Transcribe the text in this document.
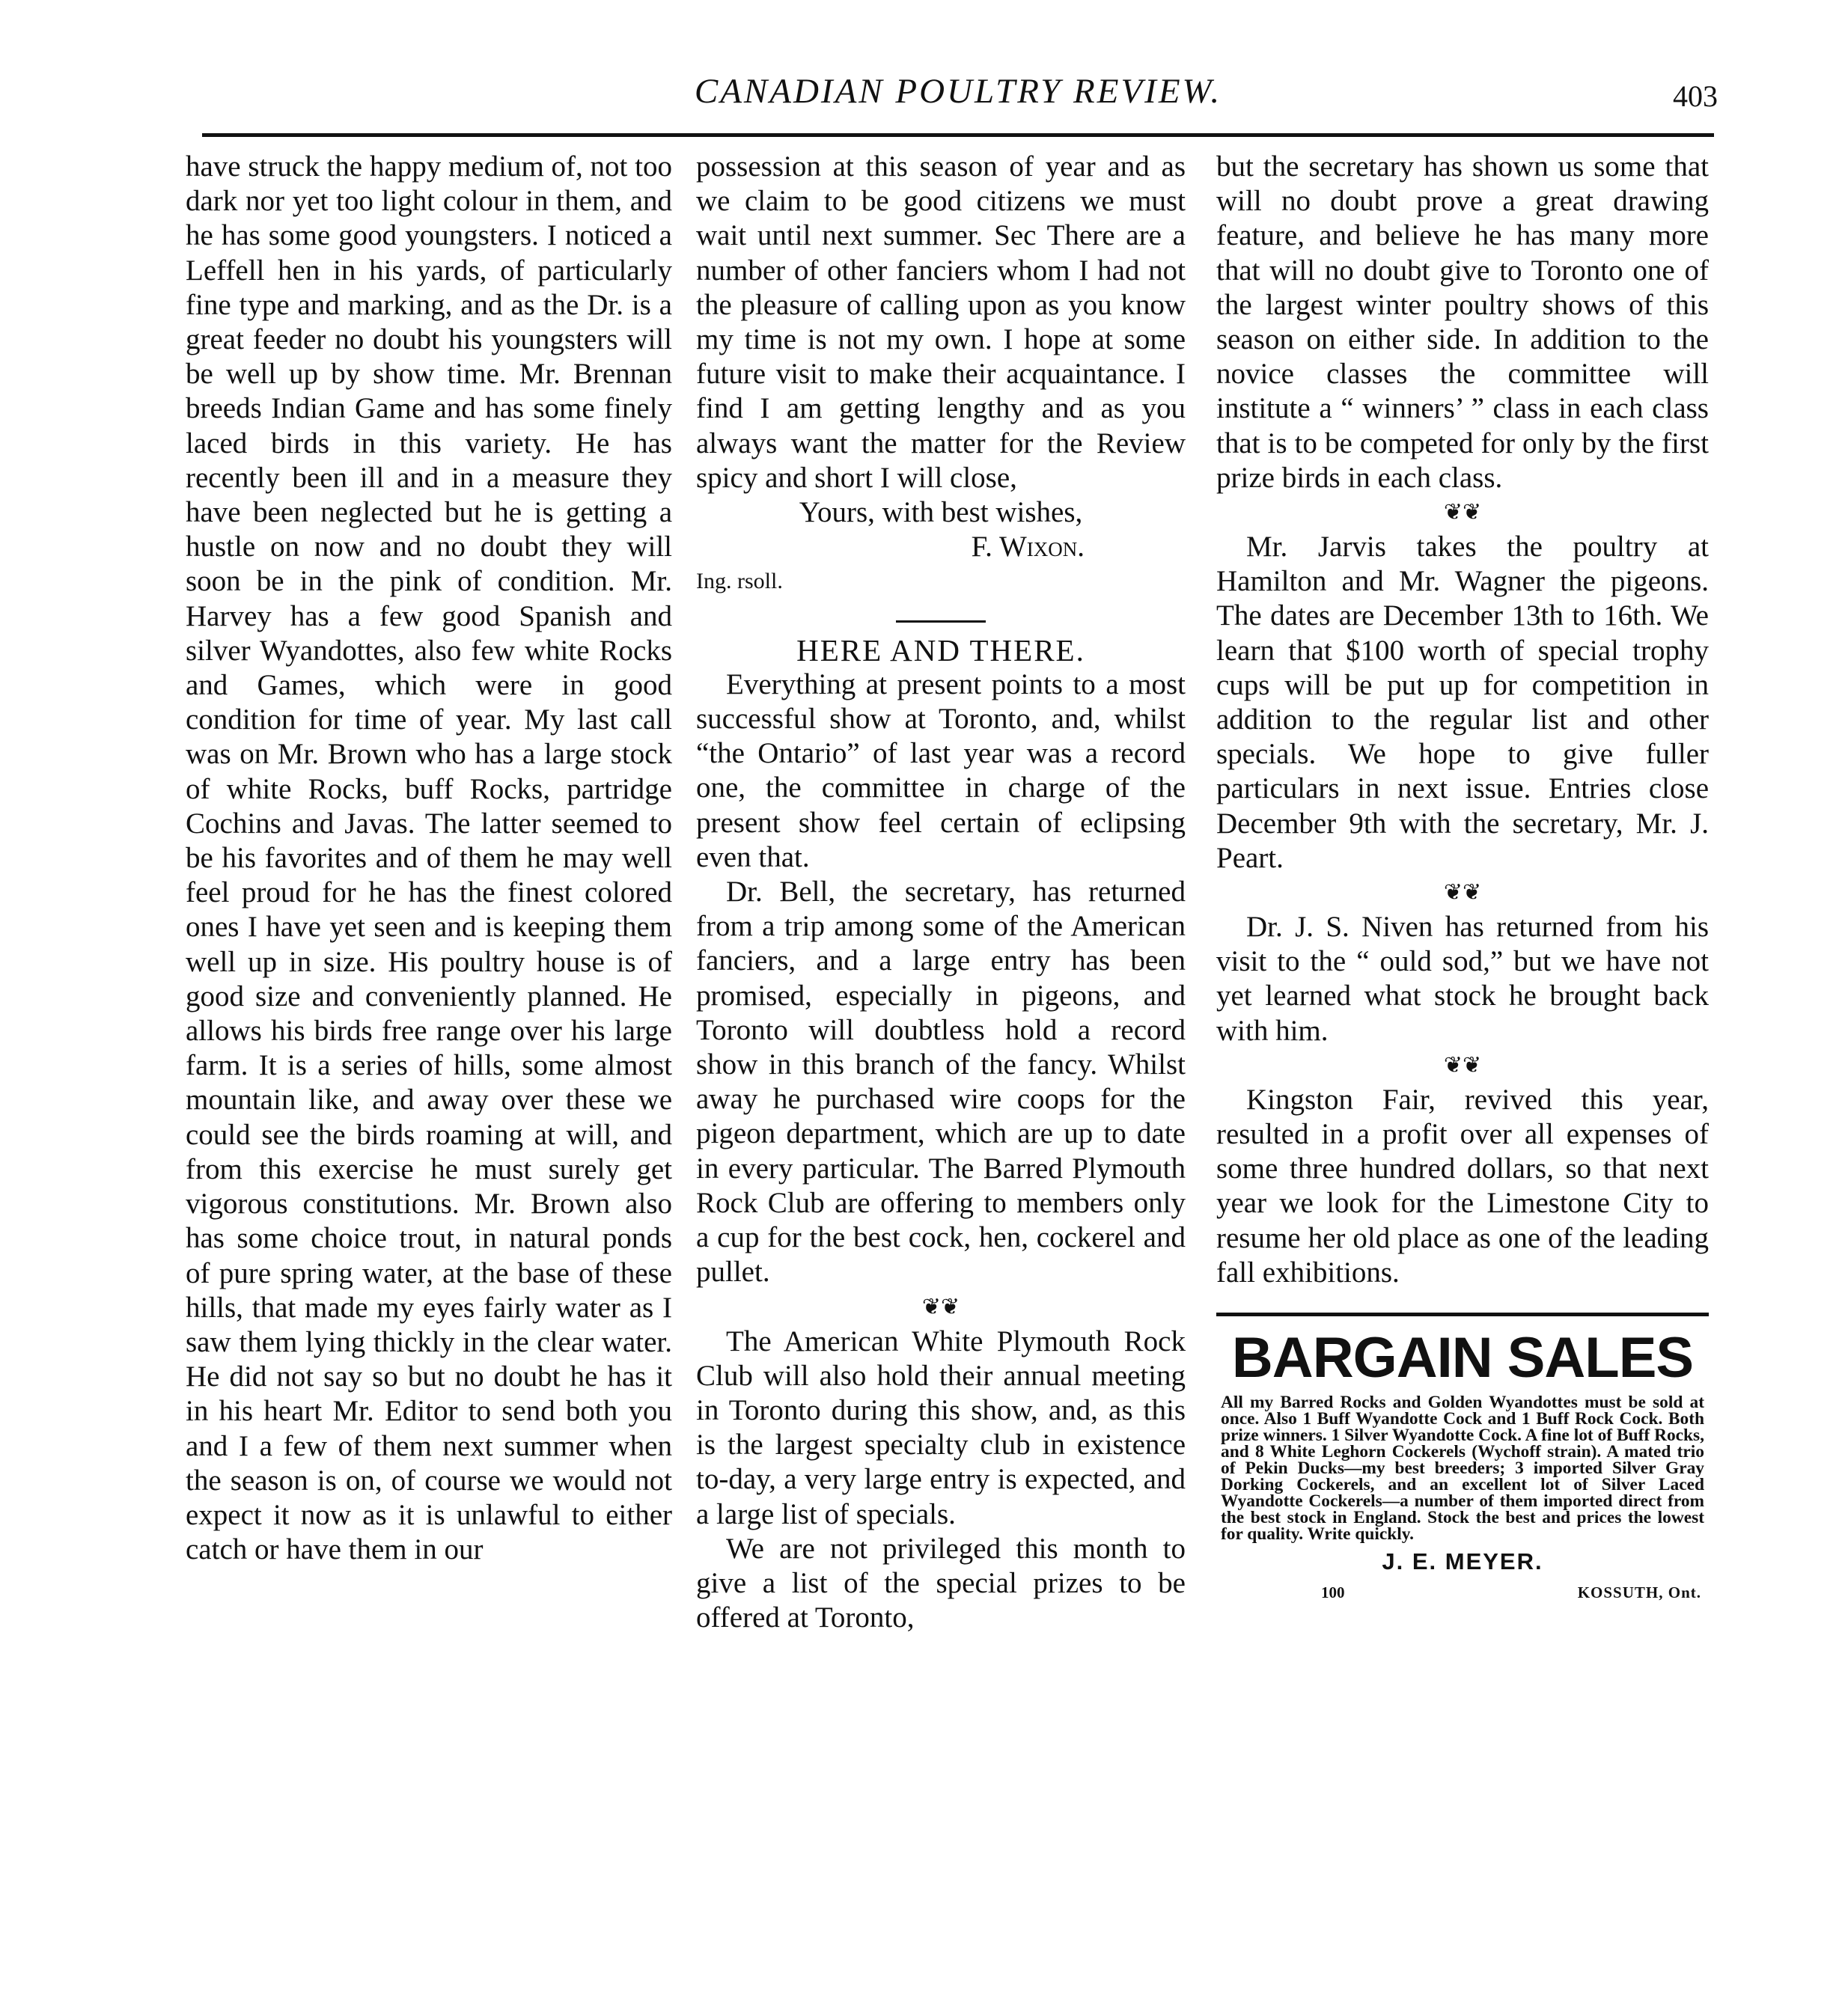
CANADIAN POULTRY REVIEW.	403

have struck the happy medium of, not too dark nor yet too light colour in them, and he has some good youngsters. I noticed a Leffell hen in his yards, of particularly fine type and marking, and as the Dr. is a great feeder no doubt his youngsters will be well up by show time. Mr. Brennan breeds Indian Game and has some finely laced birds in this variety. He has recently been ill and in a measure they have been neglected but he is getting a hustle on now and no doubt they will soon be in the pink of condition. Mr. Harvey has a few good Spanish and silver Wyandottes, also few white Rocks and Games, which were in good condition for time of year. My last call was on Mr. Brown who has a large stock of white Rocks, buff Rocks, partridge Cochins and Javas. The latter seemed to be his favorites and of them he may well feel proud for he has the finest colored ones I have yet seen and is keeping them well up in size. His poultry house is of good size and conveniently planned. He allows his birds free range over his large farm. It is a series of hills, some almost mountain like, and away over these we could see the birds roaming at will, and from this exercise he must surely get vigorous constitutions. Mr. Brown also has some choice trout, in natural ponds of pure spring water, at the base of these hills, that made my eyes fairly water as I saw them lying thickly in the clear water. He did not say so but no doubt he has it in his heart Mr. Editor to send both you and I a few of them next summer when the season is on, of course we would not expect it now as it is unlawful to either catch or have them in our

possession at this season of year and as we claim to be good citizens we must wait until next summer. Sec There are a number of other fanciers whom I had not the pleasure of calling upon as you know my time is not my own. I hope at some future visit to make their acquaintance. I find I am getting lengthy and as you always want the matter for the Review spicy and short I will close,

Yours, with best wishes,

F. Wixon.

Ing. rsoll.

HERE AND THERE.

Everything at present points to a most successful show at Toronto, and, whilst “the Ontario” of last year was a record one, the committee in charge of the present show feel certain of eclipsing even that.

Dr. Bell, the secretary, has returned from a trip among some of the American fanciers, and a large entry has been promised, especially in pigeons, and Toronto will doubtless hold a record show in this branch of the fancy. Whilst away he purchased wire coops for the pigeon department, which are up to date in every particular. The Barred Plymouth Rock Club are offering to members only a cup for the best cock, hen, cockerel and pullet.

❦❦

The American White Plymouth Rock Club will also hold their annual meeting in Toronto during this show, and, as this is the largest specialty club in existence to-day, a very large entry is expected, and a large list of specials.

We are not privileged this month to give a list of the special prizes to be offered at Toronto,

but the secretary has shown us some that will no doubt prove a great drawing feature, and believe he has many more that will no doubt give to Toronto one of the largest winter poultry shows of this season on either side. In addition to the novice classes the committee will institute a “ winners’ ” class in each class that is to be competed for only by the first prize birds in each class.

❦❦

Mr. Jarvis takes the poultry at Hamilton and Mr. Wagner the pigeons. The dates are December 13th to 16th. We learn that $100 worth of special trophy cups will be put up for competition in addition to the regular list and other specials. We hope to give fuller particulars in next issue. Entries close December 9th with the secretary, Mr. J. Peart.

❦❦

Dr. J. S. Niven has returned from his visit to the “ ould sod,” but we have not yet learned what stock he brought back with him.

❦❦

Kingston Fair, revived this year, resulted in a profit over all expenses of some three hundred dollars, so that next year we look for the Limestone City to resume her old place as one of the leading fall exhibitions.

BARGAIN SALES
All my Barred Rocks and Golden Wyandottes must be sold at once. Also 1 Buff Wyandotte Cock and 1 Buff Rock Cock. Both prize winners. 1 Silver Wyandotte Cock. A fine lot of Buff Rocks, and 8 White Leghorn Cockerels (Wychoff strain). A mated trio of Pekin Ducks—my best breeders; 3 imported Silver Gray Dorking Cockerels, and an excellent lot of Silver Laced Wyandotte Cockerels—a number of them imported direct from the best stock in England. Stock the best and prices the lowest for quality. Write quickly.
J. E. MEYER.
100	KOSSUTH, Ont.
